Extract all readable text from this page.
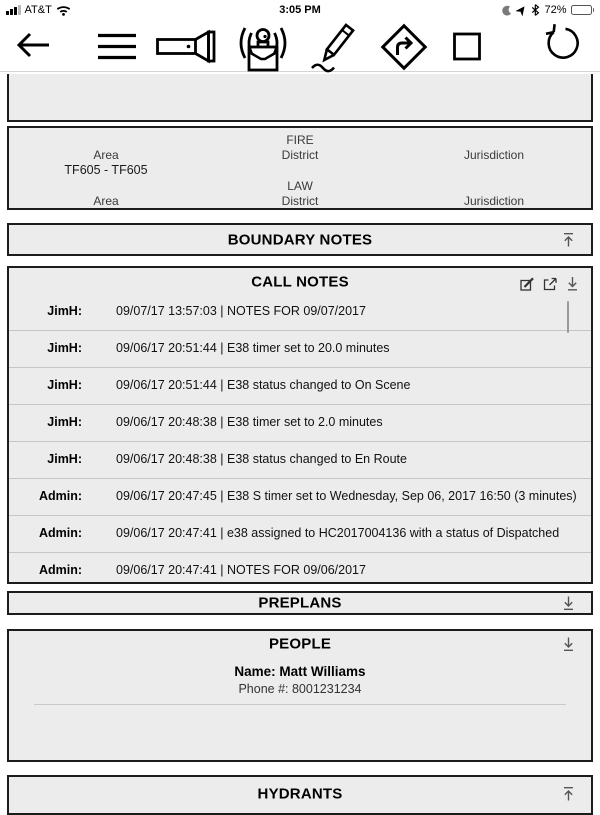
AT&T	3:05 PM	72%
FIRE
Area	District	Jurisdiction
TF605 - TF605
LAW
Area	District	Jurisdiction
BOUNDARY NOTES
CALL NOTES
JimH:	09/07/17 13:57:03 | NOTES FOR 09/07/2017
JimH:	09/06/17 20:51:44 | E38 timer set to 20.0 minutes
JimH:	09/06/17 20:51:44 | E38 status changed to On Scene
JimH:	09/06/17 20:48:38 | E38 timer set to 2.0 minutes
JimH:	09/06/17 20:48:38 | E38 status changed to En Route
Admin:	09/06/17 20:47:45 | E38 S timer set to Wednesday, Sep 06, 2017 16:50 (3 minutes)
Admin:	09/06/17 20:47:41 | e38 assigned to HC2017004136 with a status of Dispatched
Admin:	09/06/17 20:47:41 | NOTES FOR 09/06/2017
PREPLANS
PEOPLE
Name: Matt Williams
Phone #: 8001231234
HYDRANTS
